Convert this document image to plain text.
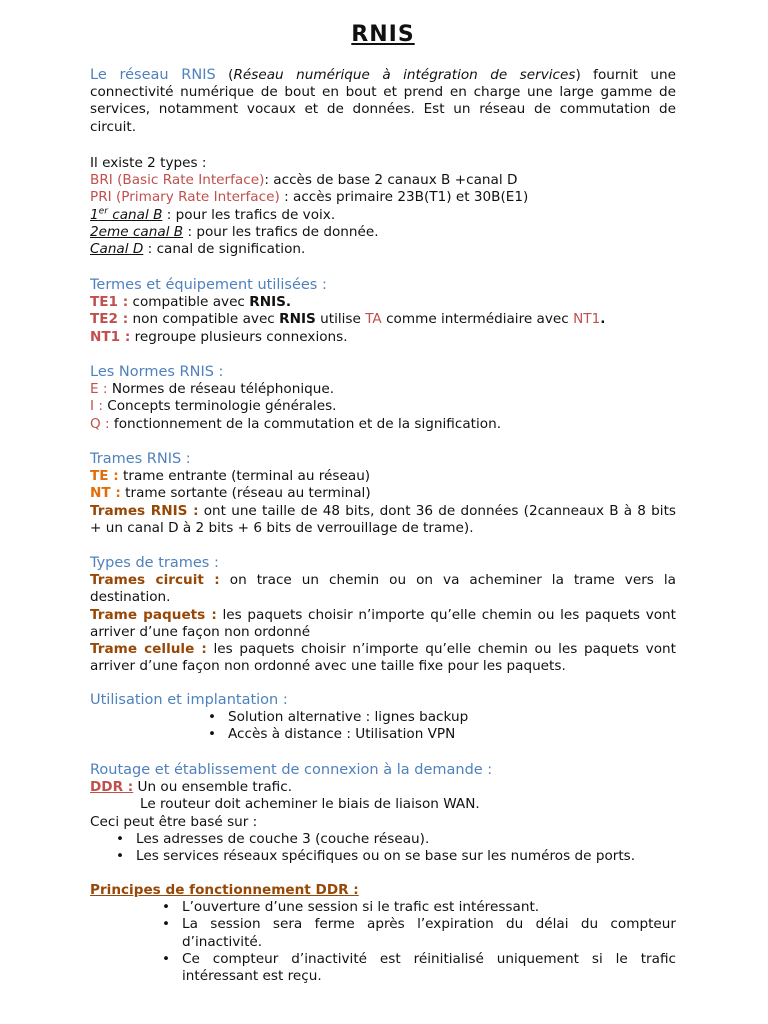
RNIS
Le réseau RNIS (Réseau numérique à intégration de services) fournit une connectivité numérique de bout en bout et prend en charge une large gamme de services, notamment vocaux et de données. Est un réseau de commutation de circuit.
Il existe 2 types :
BRI (Basic Rate Interface): accès de base 2 canaux B +canal D
PRI (Primary Rate Interface) : accès primaire 23B(T1) et 30B(E1)
1er canal B : pour les trafics de voix.
2eme canal B : pour les trafics de donnée.
Canal D : canal de signification.
Termes et équipement utilisées :
TE1 : compatible avec RNIS.
TE2 : non compatible avec RNIS utilise TA comme intermédiaire avec NT1.
NT1 : regroupe plusieurs connexions.
Les Normes RNIS :
E : Normes de réseau téléphonique.
I : Concepts terminologie générales.
Q : fonctionnement de la commutation et de la signification.
Trames RNIS :
TE : trame entrante (terminal au réseau)
NT : trame sortante (réseau au terminal)
Trames RNIS : ont une taille de 48 bits, dont 36 de données (2canneaux B à 8 bits + un canal D à 2 bits + 6 bits de verrouillage de trame).
Types de trames :
Trames circuit : on trace un chemin ou on va acheminer la trame vers la destination.
Trame paquets : les paquets choisir n’importe qu’elle chemin ou les paquets vont arriver d’une façon non ordonné
Trame cellule : les paquets choisir n’importe qu’elle chemin ou les paquets vont arriver d’une façon non ordonné avec une taille fixe pour les paquets.
Utilisation et implantation :
• Solution alternative : lignes backup
• Accès à distance : Utilisation VPN
Routage et établissement de connexion à la demande :
DDR : Un ou ensemble trafic.
Le routeur doit acheminer le biais de liaison WAN.
Ceci peut être basé sur :
• Les adresses de couche 3 (couche réseau).
• Les services réseaux spécifiques ou on se base sur les numéros de ports.
Principes de fonctionnement DDR :
• L’ouverture d’une session si le trafic est intéressant.
• La session sera ferme après l’expiration du délai du compteur d’inactivité.
• Ce compteur d’inactivité est réinitialisé uniquement si le trafic intéressant est reçu.
